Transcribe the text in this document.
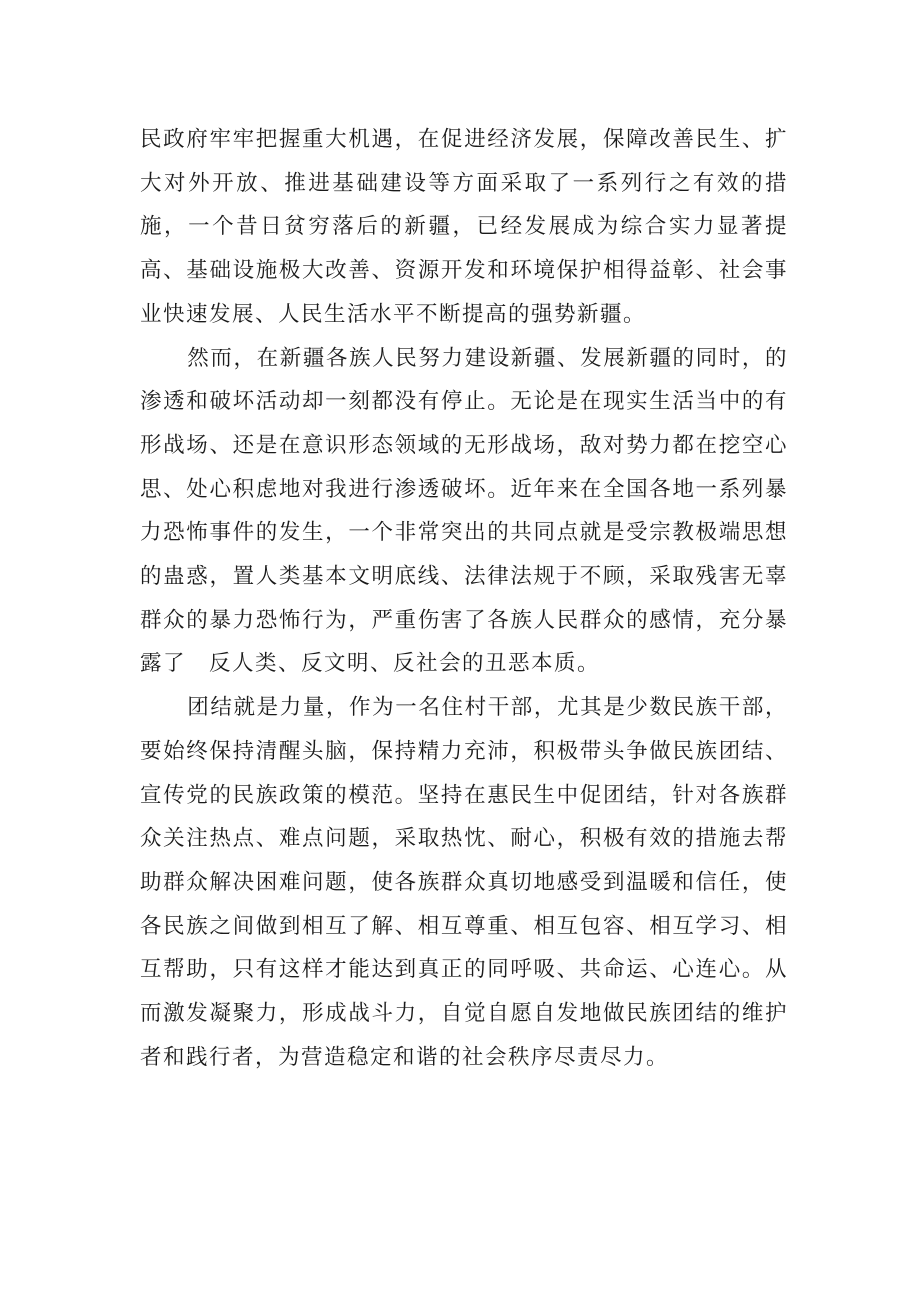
民政府牢牢把握重大机遇，在促进经济发展，保障改善民生、扩大对外开放、推进基础建设等方面采取了一系列行之有效的措施，一个昔日贫穷落后的新疆，已经发展成为综合实力显著提高、基础设施极大改善、资源开发和环境保护相得益彰、社会事业快速发展、人民生活水平不断提高的强势新疆。

然而，在新疆各族人民努力建设新疆、发展新疆的同时，的渗透和破坏活动却一刻都没有停止。无论是在现实生活当中的有形战场、还是在意识形态领域的无形战场，敌对势力都在挖空心思、处心积虑地对我进行渗透破坏。近年来在全国各地一系列暴力恐怖事件的发生，一个非常突出的共同点就是受宗教极端思想的蛊惑，置人类基本文明底线、法律法规于不顾，采取残害无辜群众的暴力恐怖行为，严重伤害了各族人民群众的感情，充分暴露了　反人类、反文明、反社会的丑恶本质。

团结就是力量，作为一名住村干部，尤其是少数民族干部，要始终保持清醒头脑，保持精力充沛，积极带头争做民族团结、宣传党的民族政策的模范。坚持在惠民生中促团结，针对各族群众关注热点、难点问题，采取热忱、耐心，积极有效的措施去帮助群众解决困难问题，使各族群众真切地感受到温暖和信任，使各民族之间做到相互了解、相互尊重、相互包容、相互学习、相互帮助，只有这样才能达到真正的同呼吸、共命运、心连心。从而激发凝聚力，形成战斗力，自觉自愿自发地做民族团结的维护者和践行者，为营造稳定和谐的社会秩序尽责尽力。
